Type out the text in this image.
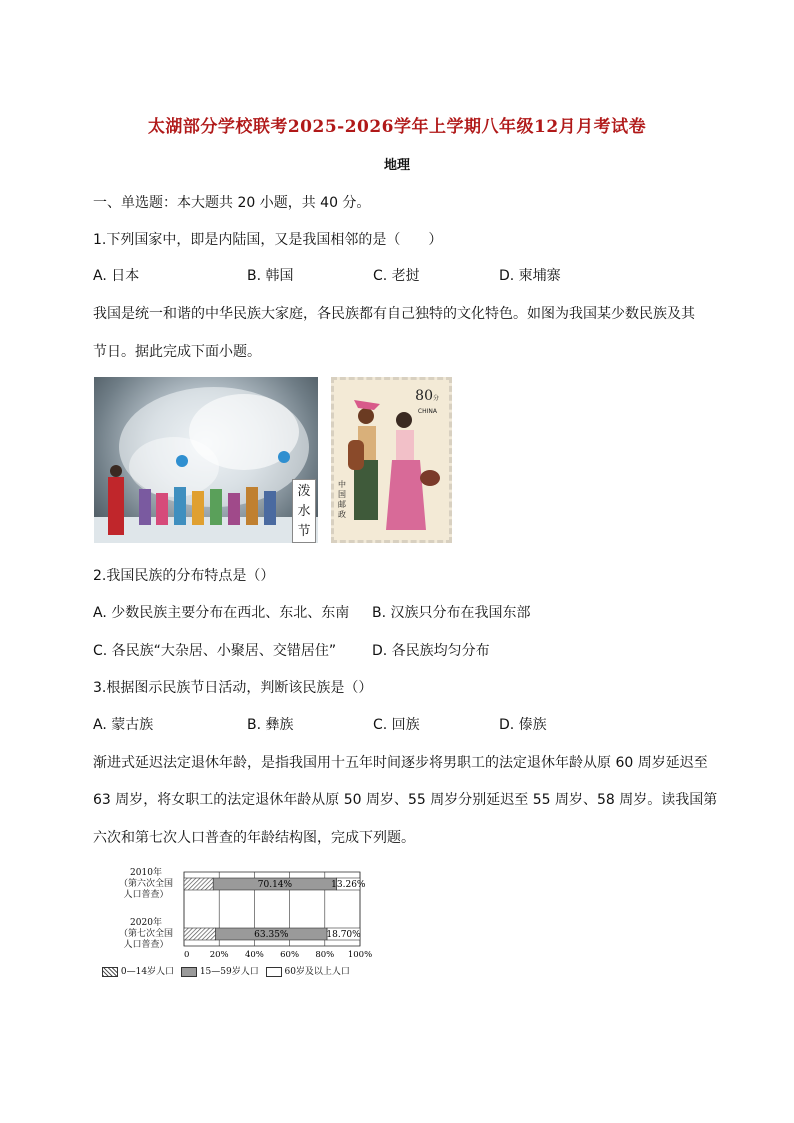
太湖部分学校联考2025-2026学年上学期八年级12月月考试卷
地理
一、单选题：本大题共 20 小题，共 40 分。
1.下列国家中，即是内陆国，又是我国相邻的是（　　）
A. 日本	B. 韩国	C. 老挝	D. 柬埔寨
我国是统一和谐的中华民族大家庭，各民族都有自己独特的文化特色。如图为我国某少数民族及其
节日。据此完成下面小题。
泼
水
节
80分
中
国
邮
政
CHINA
2.我国民族的分布特点是（）
A. 少数民族主要分布在西北、东北、东南 B. 汉族只分布在我国东部
C. 各民族“大杂居、小聚居、交错居住”	D. 各民族均匀分布
3.根据图示民族节日活动，判断该民族是（）
A. 蒙古族	B. 彝族	C. 回族	D. 傣族
渐进式延迟法定退休年龄，是指我国用十五年时间逐步将男职工的法定退休年龄从原 60 周岁延迟至
63 周岁，将女职工的法定退休年龄从原 50 周岁、55 周岁分别延迟至 55 周岁、58 周岁。读我国第
六次和第七次人口普查的年龄结构图，完成下列题。
2010年
（第六次全国
人口普查）
2020年
（第七次全国
人口普查）
0 20% 40% 60% 80% 100%
70.14%	13.26%
63.35%	18.70%
0—14岁人口	15—59岁人口	60岁及以上人口
